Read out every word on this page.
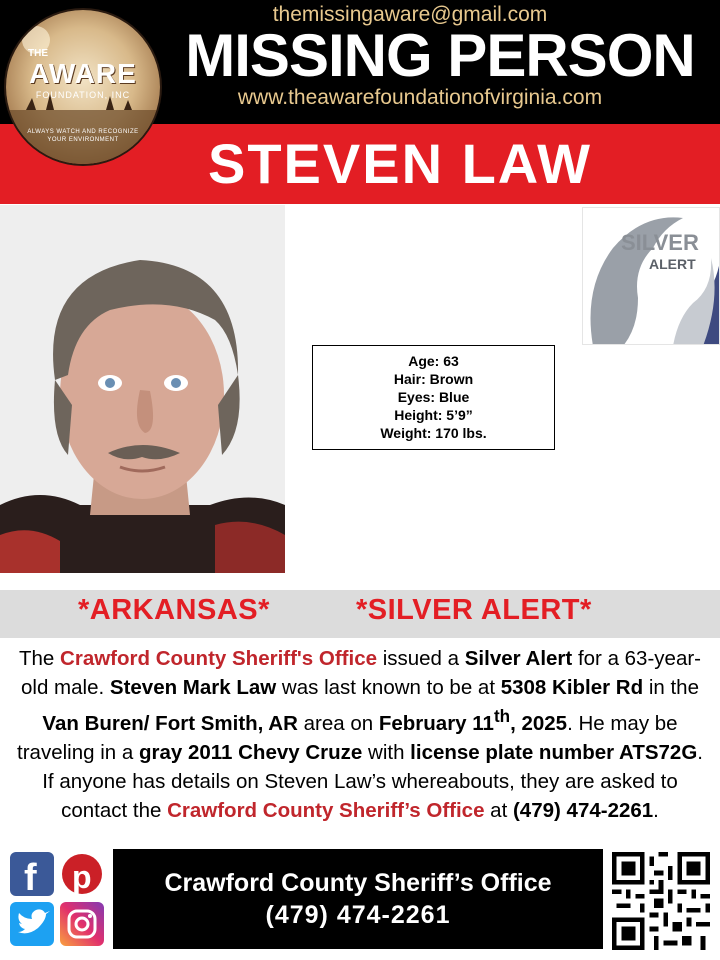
themissingaware@gmail.com
MISSING PERSON
www.theawarefoundationofvirginia.com
STEVEN LAW
THE
AWARE
FOUNDATION, INC
ALWAYS WATCH AND RECOGNIZE YOUR ENVIRONMENT
Age: 63
Hair: Brown
Eyes: Blue
Height: 5’9”
Weight: 170 lbs.
SILVER
ALERT
*ARKANSAS*	*SILVER ALERT*
The Crawford County Sheriff's Office issued a Silver Alert for a 63-year-old male. Steven Mark Law was last known to be at 5308 Kibler Rd in the Van Buren/ Fort Smith, AR area on February 11th, 2025. He may be traveling in a gray 2011 Chevy Cruze with license plate number ATS72G. If anyone has details on Steven Law’s whereabouts, they are asked to contact the Crawford County Sheriff’s Office at (479) 474-2261.
f p	Crawford County Sheriff’s Office
(479) 474-2261
